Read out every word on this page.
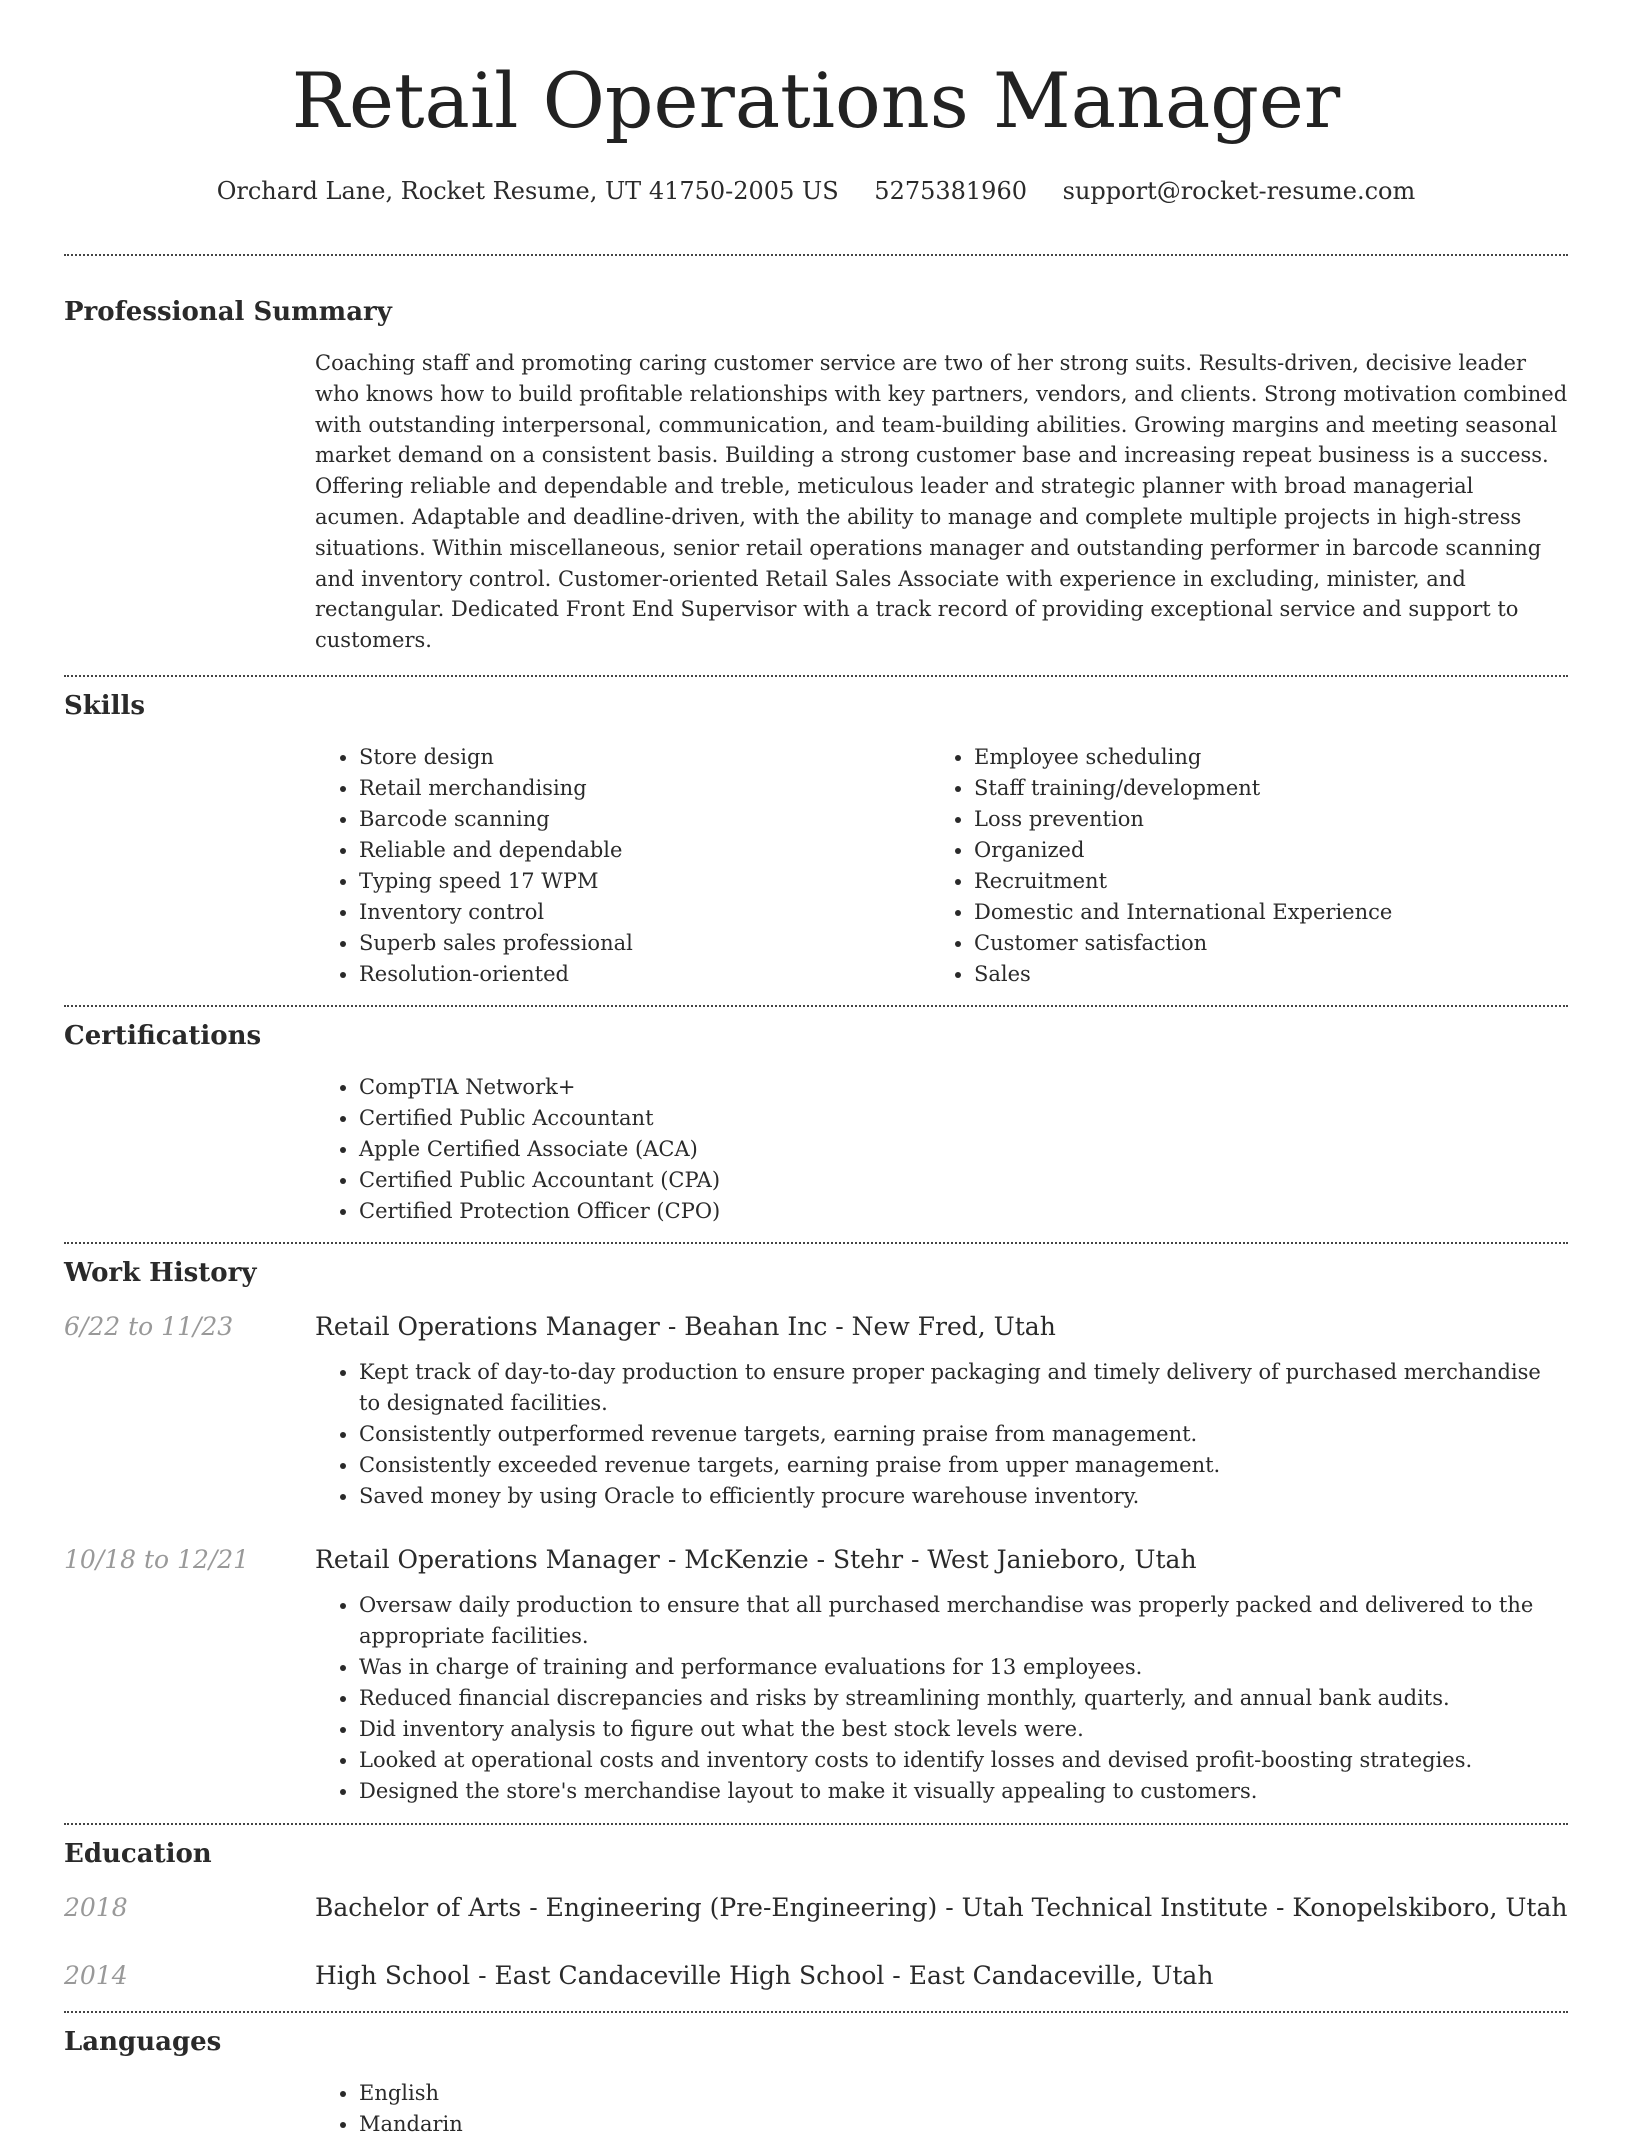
Retail Operations Manager
Orchard Lane, Rocket Resume, UT 41750-2005 US 5275381960 support@rocket-resume.com
Professional Summary

Coaching staff and promoting caring customer service are two of her strong suits. Results-driven, decisive leader who knows how to build profitable relationships with key partners, vendors, and clients. Strong motivation combined with outstanding interpersonal, communication, and team-building abilities. Growing margins and meeting seasonal market demand on a consistent basis. Building a strong customer base and increasing repeat business is a success. Offering reliable and dependable and treble, meticulous leader and strategic planner with broad managerial acumen. Adaptable and deadline-driven, with the ability to manage and complete multiple projects in high-stress situations. Within miscellaneous, senior retail operations manager and outstanding performer in barcode scanning and inventory control. Customer-oriented Retail Sales Associate with experience in excluding, minister, and rectangular. Dedicated Front End Supervisor with a track record of providing exceptional service and support to customers.

Skills
• Store design
• Retail merchandising
• Barcode scanning
• Reliable and dependable
• Typing speed 17 WPM
• Inventory control
• Superb sales professional
• Resolution-oriented
• Employee scheduling
• Staff training/development
• Loss prevention
• Organized
• Recruitment
• Domestic and International Experience
• Customer satisfaction
• Sales
Certifications
• CompTIA Network+
• Certified Public Accountant
• Apple Certified Associate (ACA)
• Certified Public Accountant (CPA)
• Certified Protection Officer (CPO)
Work History
6/22 to 11/23	Retail Operations Manager - Beahan Inc - New Fred, Utah
• Kept track of day-to-day production to ensure proper packaging and timely delivery of purchased merchandise to designated facilities.
• Consistently outperformed revenue targets, earning praise from management.
• Consistently exceeded revenue targets, earning praise from upper management.
• Saved money by using Oracle to efficiently procure warehouse inventory.
10/18 to 12/21	Retail Operations Manager - McKenzie - Stehr - West Janieboro, Utah
• Oversaw daily production to ensure that all purchased merchandise was properly packed and delivered to the appropriate facilities.
• Was in charge of training and performance evaluations for 13 employees.
• Reduced financial discrepancies and risks by streamlining monthly, quarterly, and annual bank audits.
• Did inventory analysis to figure out what the best stock levels were.
• Looked at operational costs and inventory costs to identify losses and devised profit-boosting strategies.
• Designed the store's merchandise layout to make it visually appealing to customers.
Education
2018	Bachelor of Arts - Engineering (Pre-Engineering) - Utah Technical Institute - Konopelskiboro, Utah
2014	High School - East Candaceville High School - East Candaceville, Utah
Languages
• English
• Mandarin
